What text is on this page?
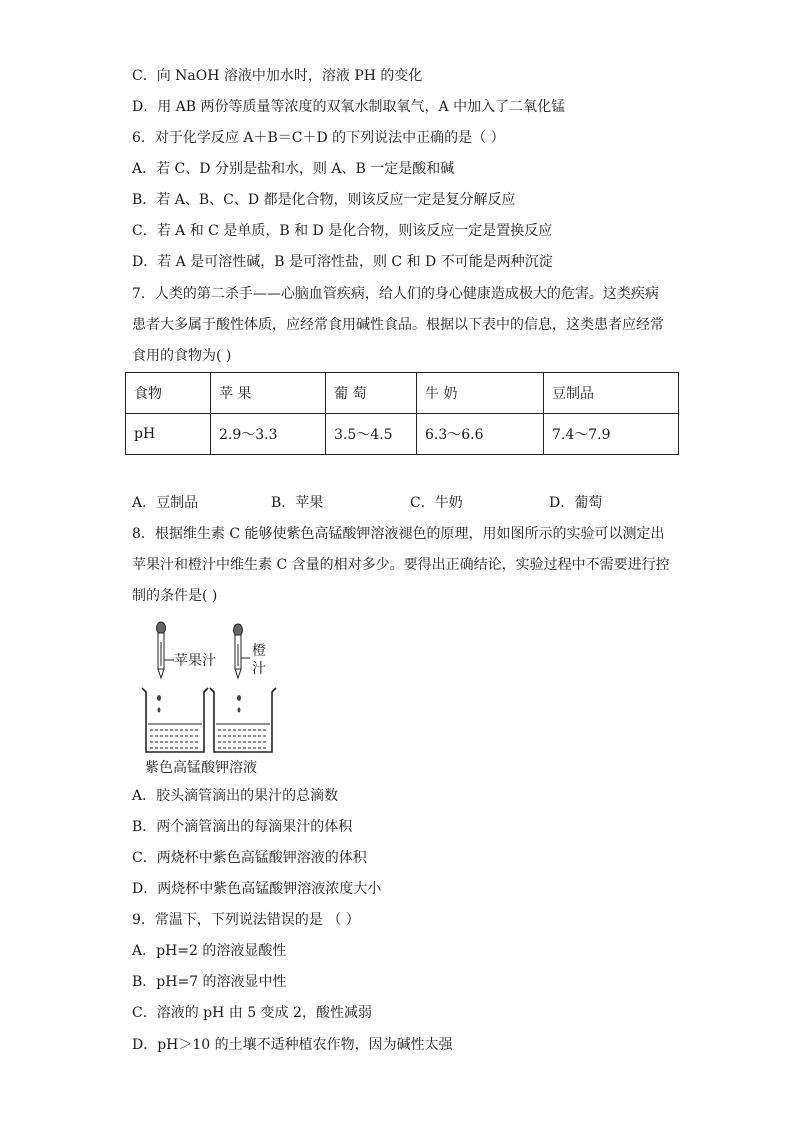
C．向 NaOH 溶液中加水时，溶液 PH 的变化
D．用 AB 两份等质量等浓度的双氧水制取氧气，A 中加入了二氧化锰
6．对于化学反应 A＋B＝C＋D 的下列说法中正确的是（ ）
A．若 C、D 分别是盐和水，则 A、B 一定是酸和碱
B．若 A、B、C、D 都是化合物，则该反应一定是复分解反应
C．若 A 和 C 是单质，B 和 D 是化合物，则该反应一定是置换反应
D．若 A 是可溶性碱，B 是可溶性盐，则 C 和 D 不可能是两种沉淀
7．人类的第二杀手——心脑血管疾病，给人们的身心健康造成极大的危害。这类疾病
患者大多属于酸性体质，应经常食用碱性食品。根据以下表中的信息，这类患者应经常
食用的食物为( )
食物	苹 果	葡 萄	牛 奶	豆制品
pH	2.9～3.3	3.5～4.5	6.3～6.6	7.4～7.9
A．豆制品	B．苹果	C．牛奶	D．葡萄
8．根据维生素 C 能够使紫色高锰酸钾溶液褪色的原理，用如图所示的实验可以测定出
苹果汁和橙汁中维生素 C 含量的相对多少。要得出正确结论，实验过程中不需要进行控
制的条件是( )
苹果汁
橙
汁
紫色高锰酸钾溶液
A．胶头滴管滴出的果汁的总滴数
B．两个滴管滴出的每滴果汁的体积
C．两烧杯中紫色高锰酸钾溶液的体积
D．两烧杯中紫色高锰酸钾溶液浓度大小
9．常温下，下列说法错误的是 （ ）
A．pH=2 的溶液显酸性
B．pH=7 的溶液显中性
C．溶液的 pH 由 5 变成 2，酸性减弱
D．pH＞10 的土壤不适种植农作物，因为碱性太强
